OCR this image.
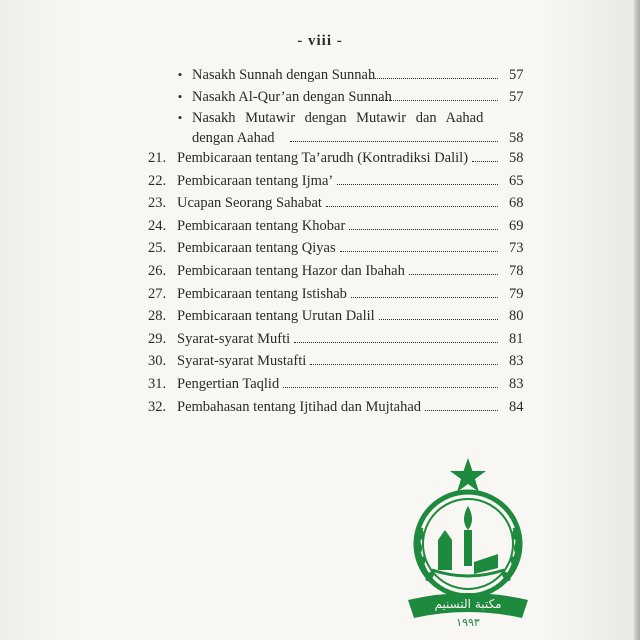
- viii -
• Nasakh Sunnah dengan Sunnah	57
• Nasakh Al-Qur’an dengan Sunnah	57
• Nasakh Mutawir dengan Mutawir dan Aahad
dengan Aahad	58
21. Pembicaraan tentang Ta’arudh (Kontradiksi Dalil)	58
22. Pembicaraan tentang Ijma’	65
23. Ucapan Seorang Sahabat	68
24. Pembicaraan tentang Khobar	69
25. Pembicaraan tentang Qiyas	73
26. Pembicaraan tentang Hazor dan Ibahah	78
27. Pembicaraan tentang Istishab	79
28. Pembicaraan tentang Urutan Dalil	80
29. Syarat-syarat Mufti	81
30. Syarat-syarat Mustafti	83
31. Pengertian Taqlid	83
32. Pembahasan tentang Ijtihad dan Mujtahad	84
مكتبة التسنيم
١٩٩٣
